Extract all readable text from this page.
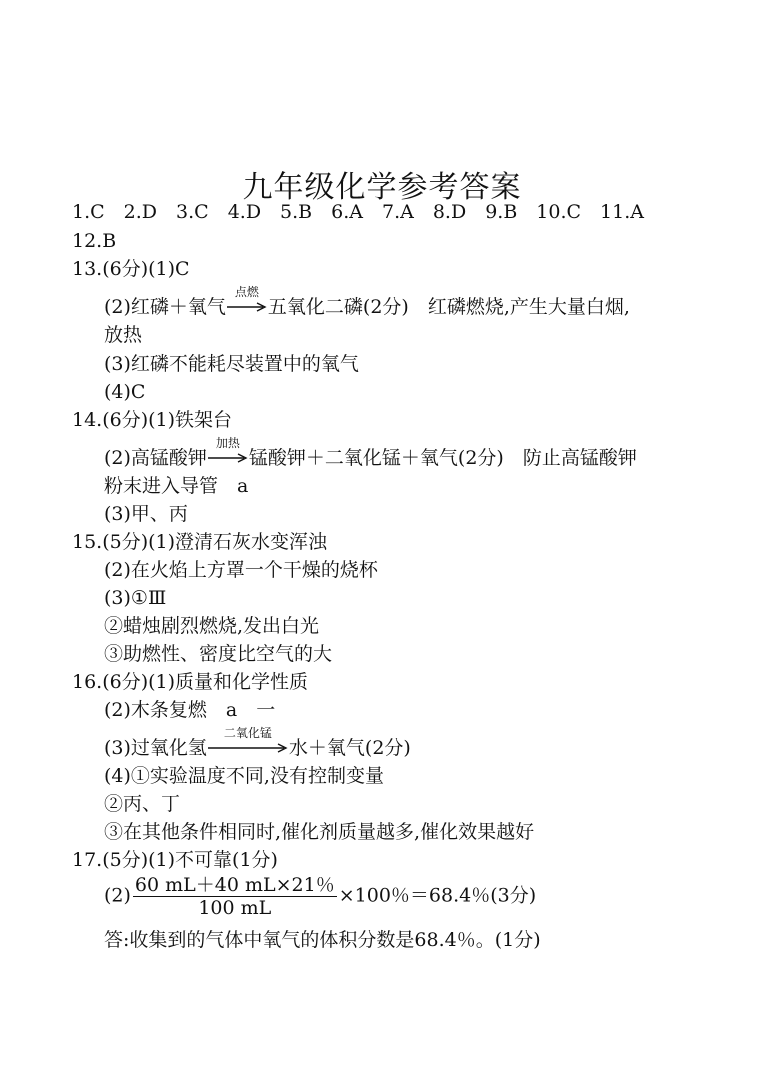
九年级化学参考答案
1.C　2.D　3.C　4.D　5.B　6.A　7.A　8.D　9.B　10.C　11.A
12.B
13.(6分)(1)C
(2)红磷＋氧气
点燃
五氧化二磷(2分)　红磷燃烧,产生大量白烟,
放热
(3)红磷不能耗尽装置中的氧气
(4)C
14.(6分)(1)铁架台
(2)高锰酸钾
加热
锰酸钾＋二氧化锰＋氧气(2分)　防止高锰酸钾
粉末进入导管　a
(3)甲、丙
15.(5分)(1)澄清石灰水变浑浊
(2)在火焰上方罩一个干燥的烧杯
(3)①Ⅲ
②蜡烛剧烈燃烧,发出白光
③助燃性、密度比空气的大
16.(6分)(1)质量和化学性质
(2)木条复燃　a　一
(3)过氧化氢
二氧化锰
水＋氧气(2分)
(4)①实验温度不同,没有控制变量
②丙、丁
③在其他条件相同时,催化剂质量越多,催化效果越好
17.(5分)(1)不可靠(1分)
$(2) \frac{60 mL+40 mL\times 21\%}{100 mL} \times 100$％＝68.4％(3分)
答:收集到的气体中氧气的体积分数是68.4％。(1分)
